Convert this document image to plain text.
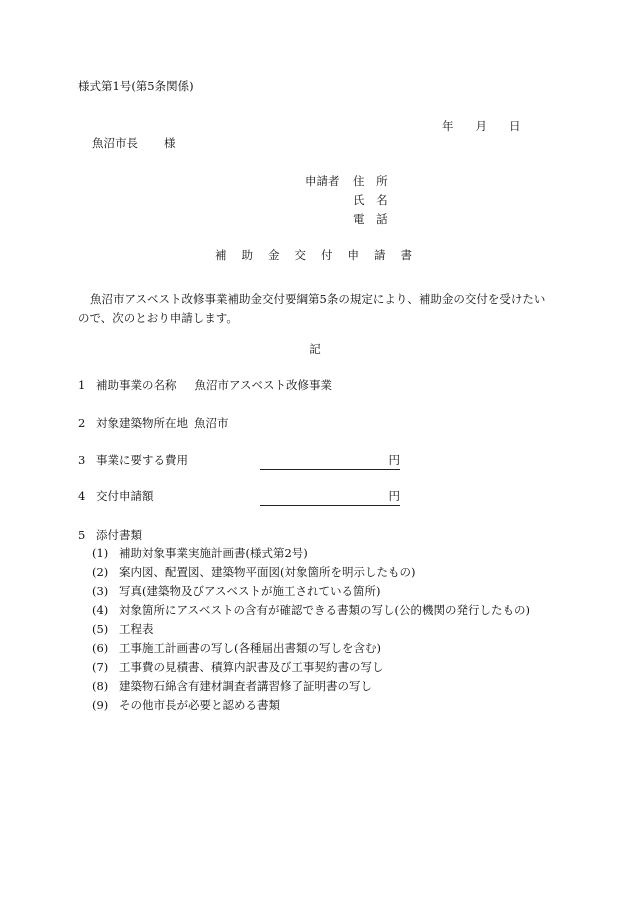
様式第1号(第5条関係)
年 月 日
魚沼市長 様
申請者 住 所
氏 名
電 話
補助金交付申請書

魚沼市アスベスト改修事業補助金交付要綱第5条の規定により、補助金の交付を受けたいので、次のとおり申請します。

記
1 補助事業の名称 魚沼市アスベスト改修事業
2 対象建築物所在地 魚沼市
3 事業に要する費用	円
4 交付申請額	円
5 添付書類
(1) 補助対象事業実施計画書(様式第2号)
(2) 案内図、配置図、建築物平面図(対象箇所を明示したもの)
(3) 写真(建築物及びアスベストが施工されている箇所)
(4) 対象箇所にアスベストの含有が確認できる書類の写し(公的機関の発行したもの)
(5) 工程表
(6) 工事施工計画書の写し(各種届出書類の写しを含む)
(7) 工事費の見積書、積算内訳書及び工事契約書の写し
(8) 建築物石綿含有建材調査者講習修了証明書の写し
(9) その他市長が必要と認める書類
